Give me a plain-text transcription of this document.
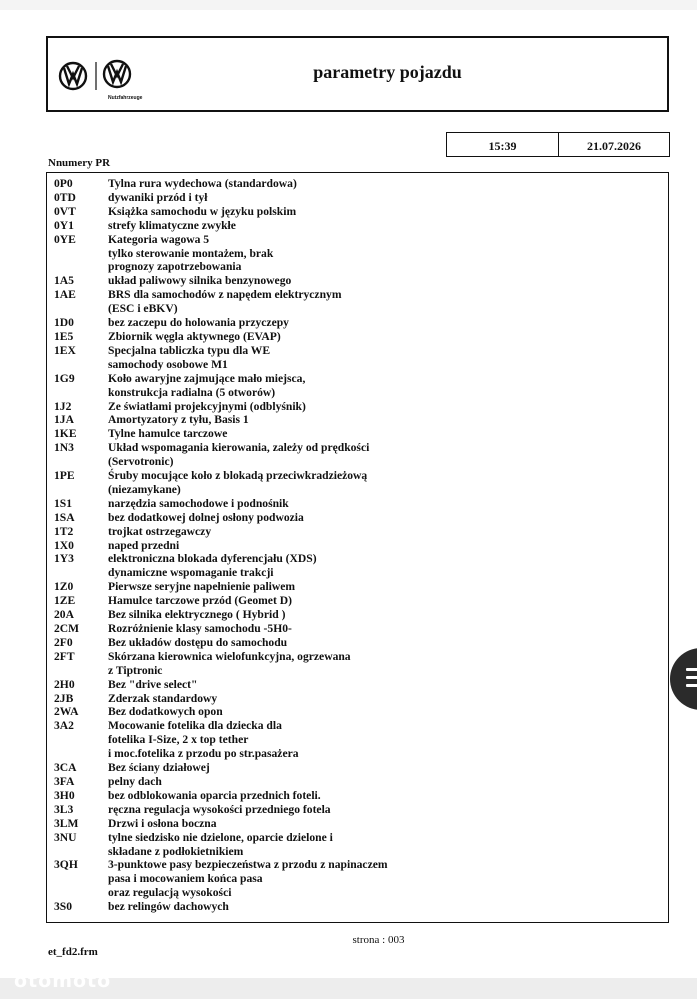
Nutzfahrzeuge
parametry pojazdu
15:39	21.07.2026
Nnumery PR
0P0	Tylna rura wydechowa (standardowa)
0TD	dywaniki przód i tył
0VT	Książka samochodu w języku polskim
0Y1	strefy klimatyczne zwykłe
0YE	Kategoria wagowa 5
tylko sterowanie montażem, brak
prognozy zapotrzebowania
1A5	układ paliwowy silnika benzynowego
1AE	BRS dla samochodów z napędem elektrycznym
(ESC i eBKV)
1D0	bez zaczepu do holowania przyczepy
1E5	Zbiornik węgla aktywnego (EVAP)
1EX	Specjalna tabliczka typu dla WE
samochody osobowe M1
1G9	Koło awaryjne zajmujące mało miejsca,
konstrukcja radialna (5 otworów)
1J2	Ze światłami projekcyjnymi (odblyśnik)
1JA	Amortyzatory z tyłu, Basis 1
1KE	Tylne hamulce tarczowe
1N3	Układ wspomagania kierowania, zależy od prędkości
(Servotronic)
1PE	Śruby mocujące koło z blokadą przeciwkradzieżową
(niezamykane)
1S1	narzędzia samochodowe i podnośnik
1SA	bez dodatkowej dolnej osłony podwozia
1T2	trojkat ostrzegawczy
1X0	naped przedni
1Y3	elektroniczna blokada dyferencjału (XDS)
dynamiczne wspomaganie trakcji
1Z0	Pierwsze seryjne napełnienie paliwem
1ZE	Hamulce tarczowe przód (Geomet D)
20A	Bez silnika elektrycznego ( Hybrid )
2CM	Rozróżnienie klasy samochodu -5H0-
2F0	Bez układów dostępu do samochodu
2FT	Skórzana kierownica wielofunkcyjna, ogrzewana
z Tiptronic
2H0	Bez "drive select"
2JB	Zderzak standardowy
2WA	Bez dodatkowych opon
3A2	Mocowanie fotelika dla dziecka dla
fotelika I-Size, 2 x top tether
i moc.fotelika z przodu po str.pasażera
3CA	Bez ściany działowej
3FA	pelny dach
3H0	bez odblokowania oparcia przednich foteli.
3L3	ręczna regulacja wysokości przedniego fotela
3LM	Drzwi i osłona boczna
3NU	tylne siedzisko nie dzielone, oparcie dzielone i
składane z podłokietnikiem
3QH	3-punktowe pasy bezpieczeństwa z przodu z napinaczem
pasa i mocowaniem końca pasa
oraz regulacją wysokości
3S0	bez relingów dachowych
strona : 003
et_fd2.frm
otomoto
